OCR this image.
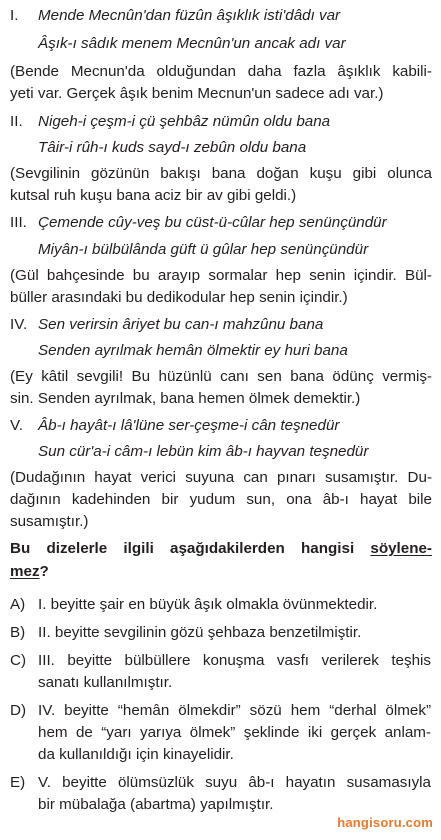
I. Mende Mecnûn'dan füzûn âşıklık isti'dâdı var
Âşık-ı sâdık menem Mecnûn'un ancak adı var
(Bende Mecnun'da olduğundan daha fazla âşıklık kabili-
yeti var. Gerçek âşık benim Mecnun'un sadece adı var.)
II. Nigeh-i çeşm-i çü şehbâz nümûn oldu bana
Tâir-i rûh-ı kuds sayd-ı zebûn oldu bana
(Sevgilinin gözünün bakışı bana doğan kuşu gibi olunca
kutsal ruh kuşu bana aciz bir av gibi geldi.)
III. Çemende cûy-veş bu cüst-ü-cûlar hep senünçündür
Miyân-ı bülbülânda güft ü gûlar hep senünçündür
(Gül bahçesinde bu arayıp sormalar hep senin içindir. Bül-
büller arasındaki bu dedikodular hep senin içindir.)
IV. Sen verirsin âriyet bu can-ı mahzûnu bana
Senden ayrılmak hemân ölmektir ey huri bana
(Ey kâtil sevgili! Bu hüzünlü canı sen bana ödünç vermiş-
sin. Senden ayrılmak, bana hemen ölmek demektir.)
V. Âb-ı hayât-ı lâ'lüne ser-çeşme-i cân teşnedür
Sun cür'a-i câm-ı lebün kim âb-ı hayvan teşnedür
(Dudağının hayat verici suyuna can pınarı susamıştır. Du-
dağının kadehinden bir yudum sun, ona âb-ı hayat bile
susamıştır.)
Bu dizelerle ilgili aşağıdakilerden hangisi söylene-
mez?
A) I. beyitte şair en büyük âşık olmakla övünmektedir.
B) II. beyitte sevgilinin gözü şehbaza benzetilmiştir.
C) III. beyitte bülbüllere konuşma vasfı verilerek teşhis
sanatı kullanılmıştır.
D) IV. beyitte “hemân ölmekdir” sözü hem “derhal ölmek”
hem de “yarı yarıya ölmek” şeklinde iki gerçek anlam-
da kullanıldığı için kinayelidir.
E) V. beyitte ölümsüzlük suyu âb-ı hayatın susamasıyla
bir mübalağa (abartma) yapılmıştır.
hangisoru.com
